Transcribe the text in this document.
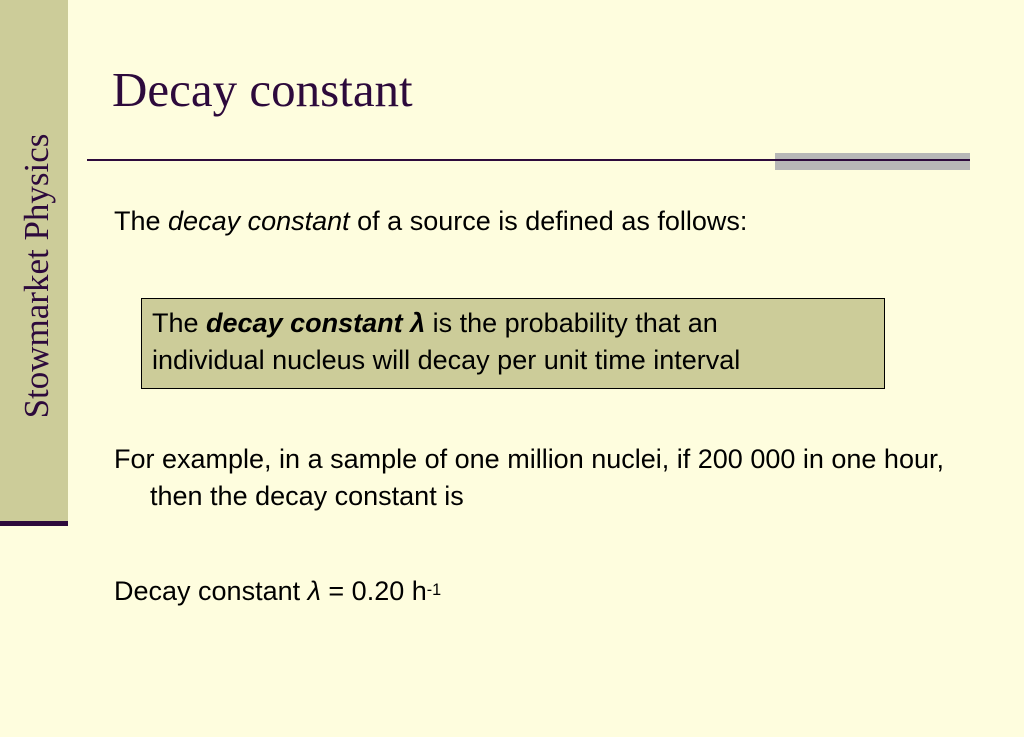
Stowmarket Physics
Decay constant

The decay constant of a source is defined as follows:

The decay constant λ is the probability that an
individual nucleus will decay per unit time interval

For example, in a sample of one million nuclei, if 200 000 in one hour, then the decay constant is

Decay constant λ = 0.20 $h^{-1}$
